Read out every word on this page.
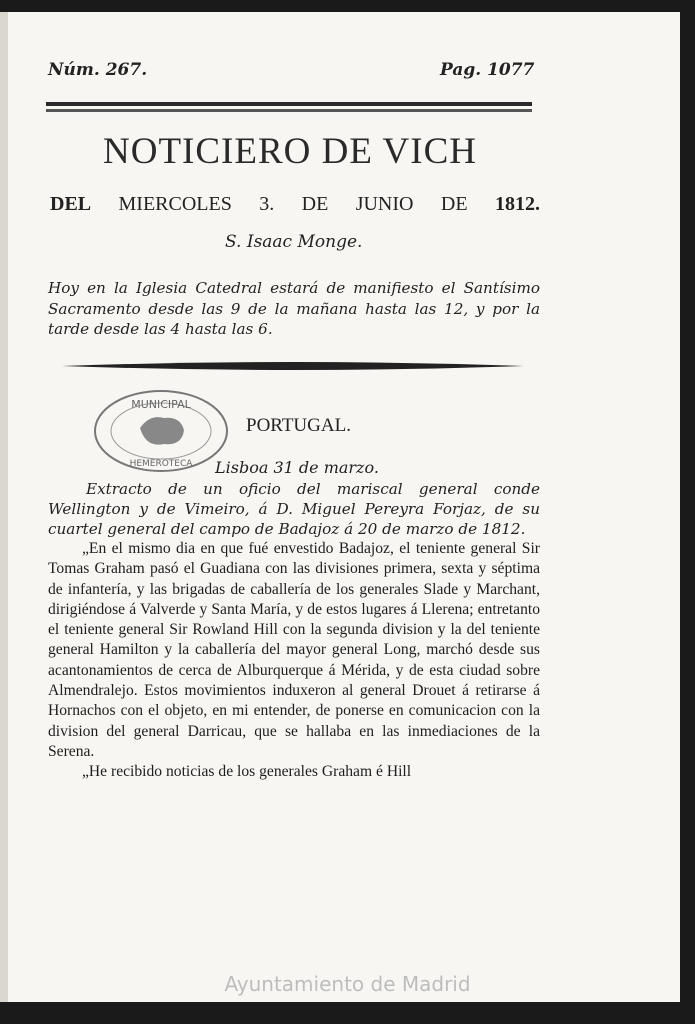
Núm. 267.	Pag. 1077
NOTICIERO DE VICH
DEL MIERCOLES 3. DE JUNIO DE 1812.
S. Isaac Monge.
Hoy en la Iglesia Catedral estará de manifiesto el Santísimo Sacramento desde las 9 de la mañana hasta las 12, y por la tarde desde las 4 hasta las 6.
MUNICIPAL
HEMEROTECA
PORTUGAL.
Lisboa 31 de marzo.
Extracto de un oficio del mariscal general conde Wellington y de Vimeiro, á D. Miguel Pereyra Forjaz, de su cuartel general del campo de Badajoz á 20 de marzo de 1812.

„En el mismo dia en que fué envestido Badajoz, el teniente general Sir Tomas Graham pasó el Guadiana con las divisiones primera, sexta y séptima de infantería, y las brigadas de caballería de los generales Slade y Marchant, dirigiéndose á Valverde y Santa María, y de estos lugares á Llerena; entretanto el teniente general Sir Rowland Hill con la segunda division y la del teniente general Hamilton y la caballería del mayor general Long, marchó desde sus acantonamientos de cerca de Alburquerque á Mérida, y de esta ciudad sobre Almendralejo. Estos movimientos induxeron al general Drouet á retirarse á Hornachos con el objeto, en mi entender, de ponerse en comunicacion con la division del general Darricau, que se hallaba en las inmediaciones de la Serena.

„He recibido noticias de los generales Graham é Hill

Ayuntamiento de Madrid
